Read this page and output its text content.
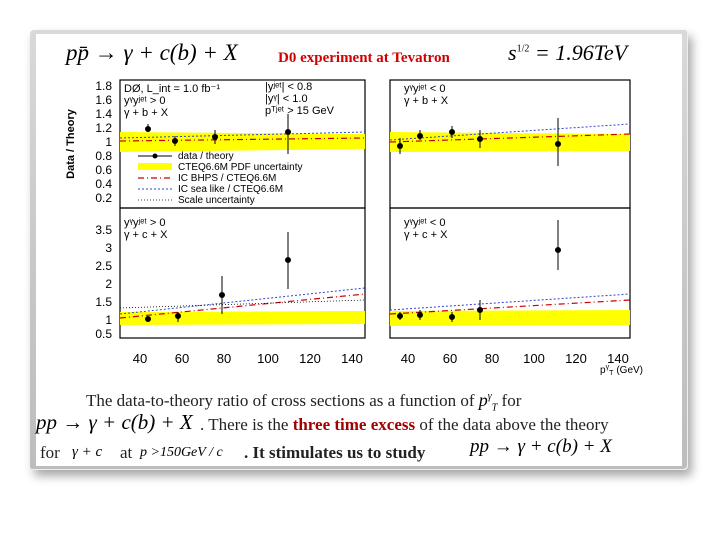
pp̄ → γ + c(b) + X	D0 experiment at Tevatron	$s^{1/2} = 1.96TeV$
Data / Theory
1.8
1.6
1.4
1.2
1
0.8
0.6
0.4
0.2
3.5
3
2.5
2
1.5
1
0.5
40 60 80 100 120 140	40 60 80 100 120 140
$p^\gamma_T$ (GeV)
DØ, L_int = 1.0 fb⁻¹
yᵞyʲᵉᵗ > 0
γ + b + X
|yʲᵉᵗ| < 0.8
|yᵞ| < 1.0
pᵀʲᵉᵗ > 15 GeV
yᵞyʲᵉᵗ < 0
γ + b + X
yᵞyʲᵉᵗ > 0
γ + c + X
yᵞyʲᵉᵗ < 0
γ + c + X
data / theory
CTEQ6.6M PDF uncertainty
IC BHPS / CTEQ6.6M
IC sea like / CTEQ6.6M
Scale uncertainty
The data-to-theory ratio of cross sections as a function of $p^\gamma_T$ for
pp → γ + c(b) + X . There is the three time excess of the data above the theory
for γ + c at p >150GeV / c . It stimulates us to study pp → γ + c(b) + X
